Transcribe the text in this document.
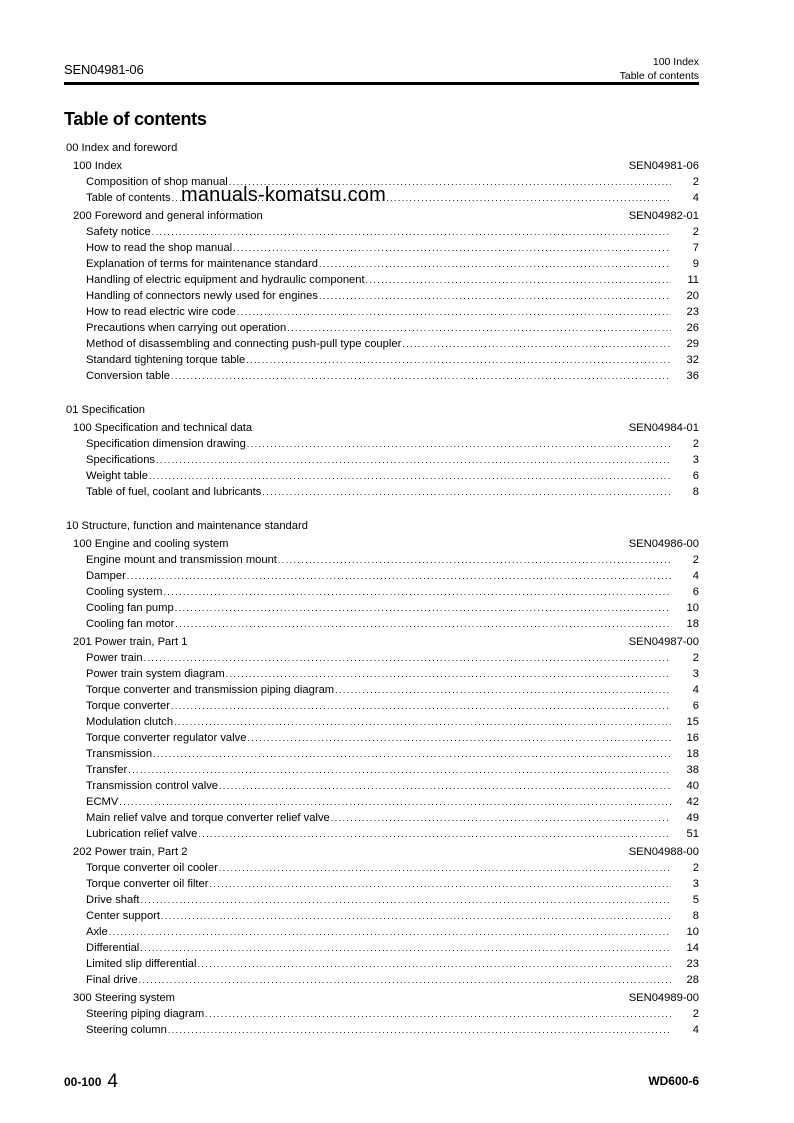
SEN04981-06	100 Index
Table of contents
Table of contents
00 Index and foreword
100 Index	SEN04981-06
Composition of shop manual .....	2
Table of contents .....	4
200 Foreword and general information	SEN04982-01
Safety notice .....	2
How to read the shop manual .....	7
Explanation of terms for maintenance standard .....	9
Handling of electric equipment and hydraulic component .....	11
Handling of connectors newly used for engines .....	20
How to read electric wire code .....	23
Precautions when carrying out operation .....	26
Method of disassembling and connecting push-pull type coupler .....	29
Standard tightening torque table .....	32
Conversion table .....	36
01 Specification
100 Specification and technical data	SEN04984-01
Specification dimension drawing .....	2
Specifications .....	3
Weight table .....	6
Table of fuel, coolant and lubricants .....	8
10 Structure, function and maintenance standard
100 Engine and cooling system	SEN04986-00
Engine mount and transmission mount .....	2
Damper .....	4
Cooling system .....	6
Cooling fan pump .....	10
Cooling fan motor .....	18
201 Power train, Part 1	SEN04987-00
Power train .....	2
Power train system diagram .....	3
Torque converter and transmission piping diagram .....	4
Torque converter .....	6
Modulation clutch .....	15
Torque converter regulator valve .....	16
Transmission .....	18
Transfer .....	38
Transmission control valve .....	40
ECMV .....	42
Main relief valve and torque converter relief valve .....	49
Lubrication relief valve .....	51
202 Power train, Part 2	SEN04988-00
Torque converter oil cooler .....	2
Torque converter oil filter .....	3
Drive shaft .....	5
Center support .....	8
Axle .....	10
Differential .....	14
Limited slip differential .....	23
Final drive .....	28
300 Steering system	SEN04989-00
Steering piping diagram .....	2
Steering column .....	4
manuals-komatsu.com
00-100 4	WD600-6
